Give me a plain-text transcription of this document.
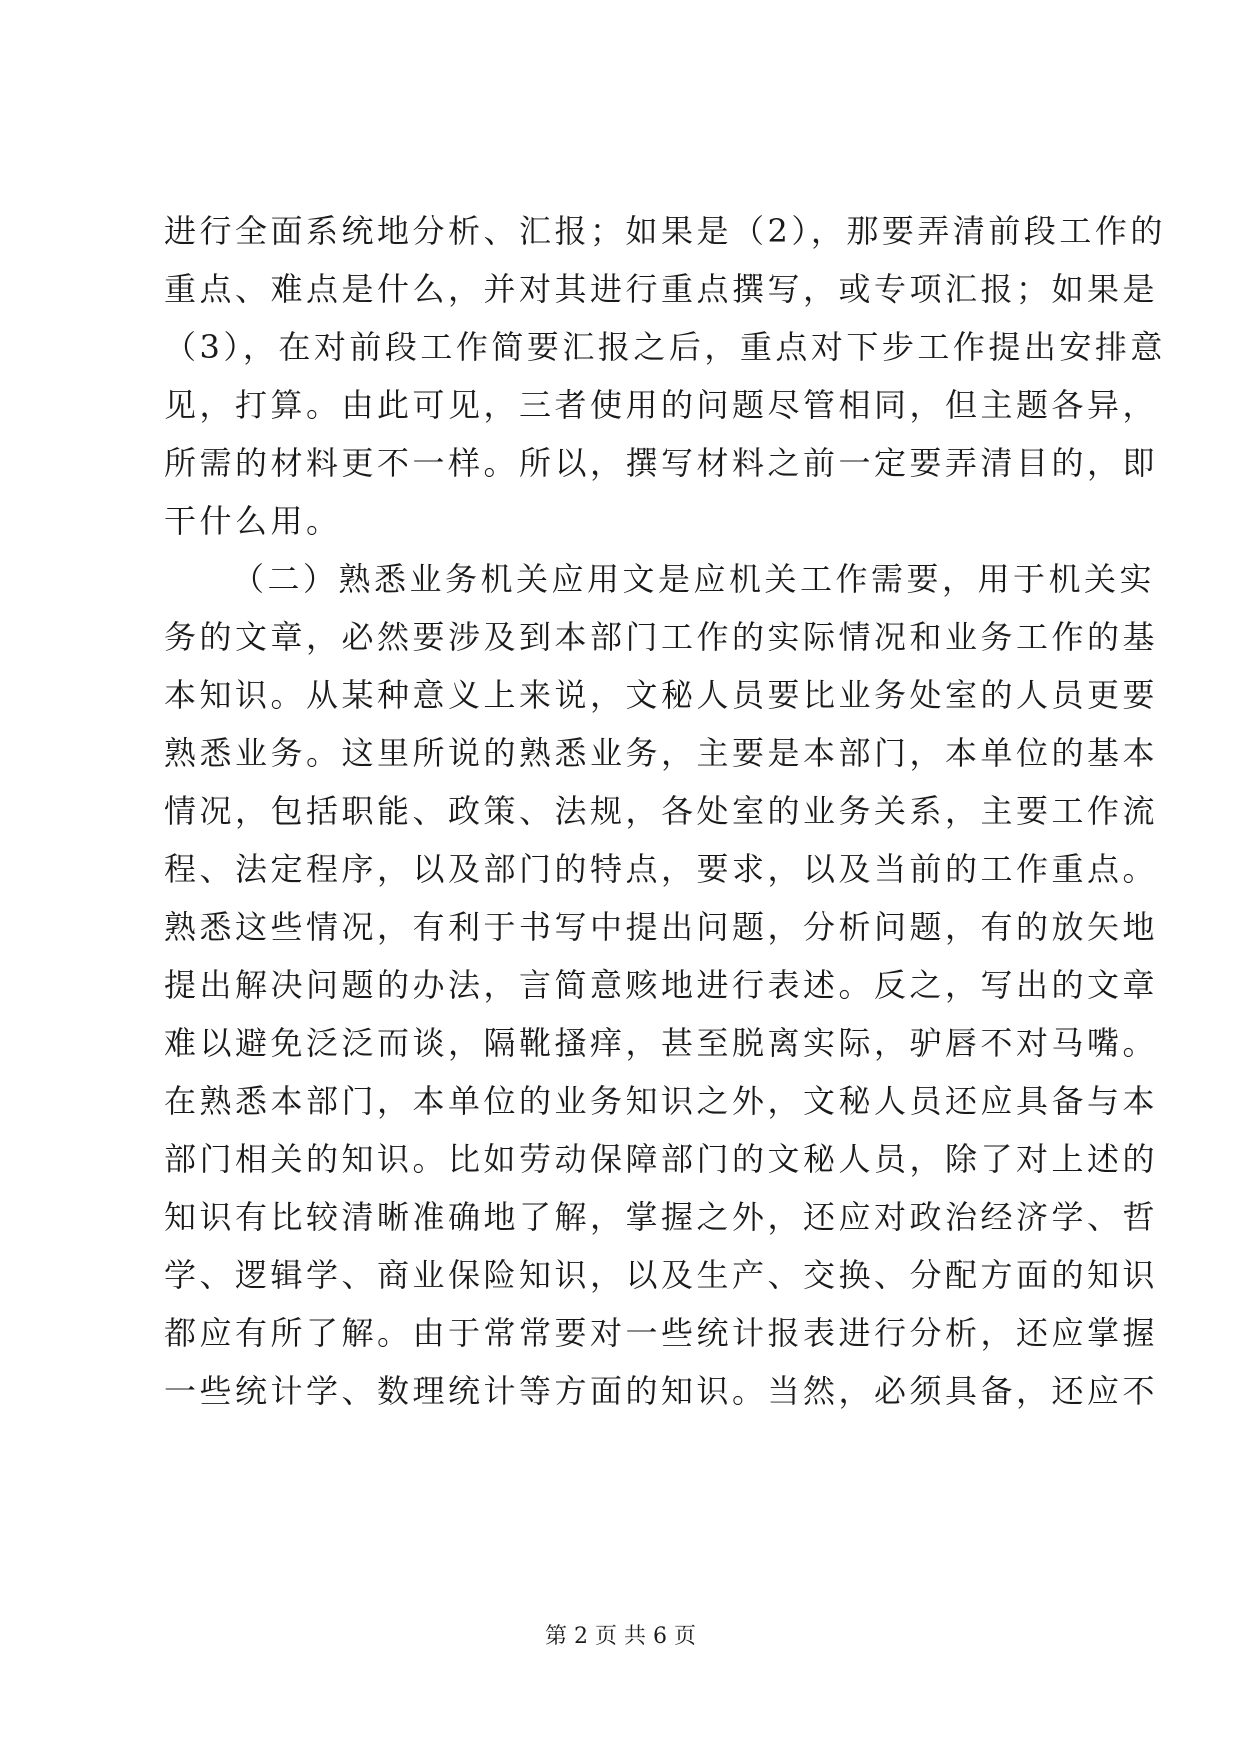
进行全面系统地分析、汇报；如果是（2），那要弄清前段工作的
重点、难点是什么，并对其进行重点撰写，或专项汇报；如果是
（3），在对前段工作简要汇报之后，重点对下步工作提出安排意
见，打算。由此可见，三者使用的问题尽管相同，但主题各异，
所需的材料更不一样。所以，撰写材料之前一定要弄清目的，即
干什么用。
（二）熟悉业务机关应用文是应机关工作需要，用于机关实
务的文章，必然要涉及到本部门工作的实际情况和业务工作的基
本知识。从某种意义上来说，文秘人员要比业务处室的人员更要
熟悉业务。这里所说的熟悉业务，主要是本部门，本单位的基本
情况，包括职能、政策、法规，各处室的业务关系，主要工作流
程、法定程序，以及部门的特点，要求，以及当前的工作重点。
熟悉这些情况，有利于书写中提出问题，分析问题，有的放矢地
提出解决问题的办法，言简意赅地进行表述。反之，写出的文章
难以避免泛泛而谈，隔靴搔痒，甚至脱离实际，驴唇不对马嘴。
在熟悉本部门，本单位的业务知识之外，文秘人员还应具备与本
部门相关的知识。比如劳动保障部门的文秘人员，除了对上述的
知识有比较清晰准确地了解，掌握之外，还应对政治经济学、哲
学、逻辑学、商业保险知识，以及生产、交换、分配方面的知识
都应有所了解。由于常常要对一些统计报表进行分析，还应掌握
一些统计学、数理统计等方面的知识。当然，必须具备，还应不
第 2 页 共 6 页
